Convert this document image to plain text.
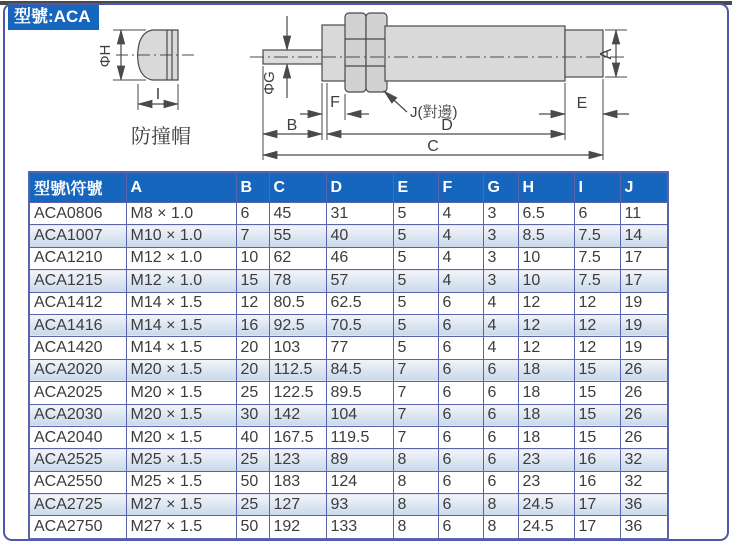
型號:ACA
ΦH
I
防撞帽
ΦG
A
F
J(對邊)
B	D
E
C
型號\符號	A	B	C	D	E	F	G	H	I	J
ACA0806	M8 × 1.0	6	45	31	5	4	3	6.5	6	11
ACA1007	M10 × 1.0	7	55	40	5	4	3	8.5	7.5	14
ACA1210	M12 × 1.0	10	62	46	5	4	3	10	7.5	17
ACA1215	M12 × 1.0	15	78	57	5	4	3	10	7.5	17
ACA1412	M14 × 1.5	12	80.5	62.5	5	6	4	12	12	19
ACA1416	M14 × 1.5	16	92.5	70.5	5	6	4	12	12	19
ACA1420	M14 × 1.5	20	103	77	5	6	4	12	12	19
ACA2020	M20 × 1.5	20	112.5	84.5	7	6	6	18	15	26
ACA2025	M20 × 1.5	25	122.5	89.5	7	6	6	18	15	26
ACA2030	M20 × 1.5	30	142	104	7	6	6	18	15	26
ACA2040	M20 × 1.5	40	167.5	119.5	7	6	6	18	15	26
ACA2525	M25 × 1.5	25	123	89	8	6	6	23	16	32
ACA2550	M25 × 1.5	50	183	124	8	6	6	23	16	32
ACA2725	M27 × 1.5	25	127	93	8	6	8	24.5	17	36
ACA2750	M27 × 1.5	50	192	133	8	6	8	24.5	17	36
